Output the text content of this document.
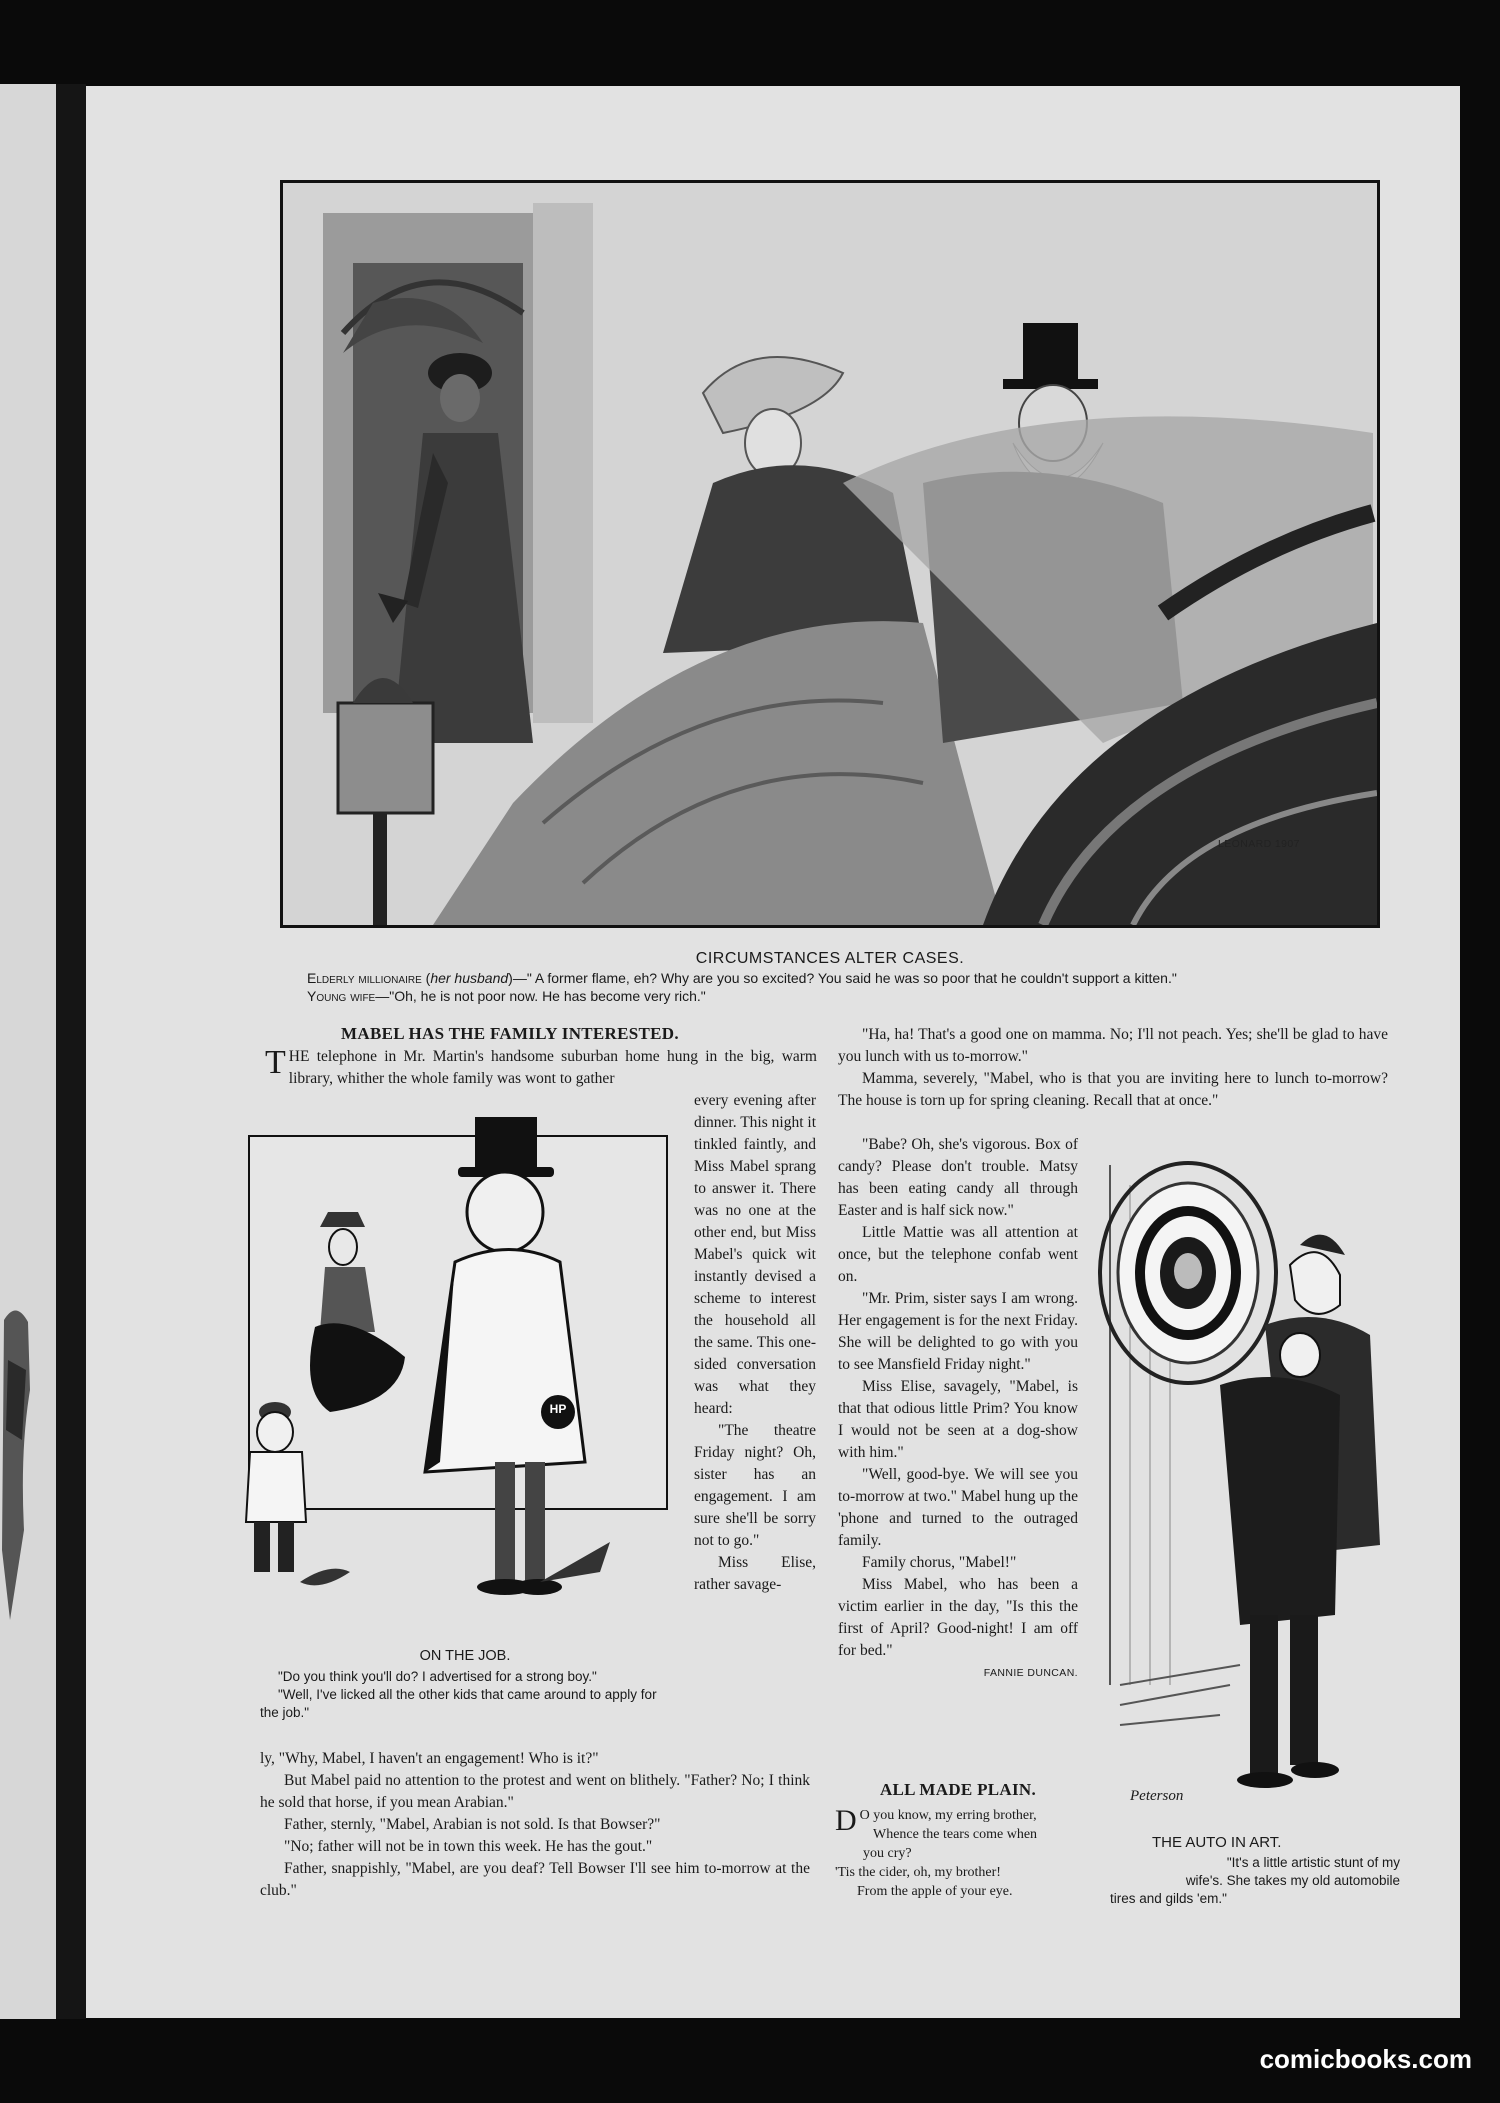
LEONARD 1907
CIRCUMSTANCES ALTER CASES.
Elderly millionaire (her husband)—" A former flame, eh? Why are you so excited? You said he was so poor that he couldn't support a kitten."
Young wife—"Oh, he is not poor now. He has become very rich."
MABEL HAS THE FAMILY INTERESTED.
THE telephone in Mr. Martin's handsome suburban home hung in the big, warm library, whither the whole family was wont to gather
HP

every evening after dinner. This night it tinkled faintly, and Miss Mabel sprang to answer it. There was no one at the other end, but Miss Mabel's quick wit instantly devised a scheme to interest the household all the same. This one-sided conversation was what they heard:

"The theatre Friday night? Oh, sister has an engagement. I am sure she'll be sorry not to go."

Miss Elise, rather savage-

ON THE JOB.
"Do you think you'll do? I advertised for a strong boy."
"Well, I've licked all the other kids that came around to apply for the job."

ly, "Why, Mabel, I haven't an engagement! Who is it?"

But Mabel paid no attention to the protest and went on blithely. "Father? No; I think he sold that horse, if you mean Arabian."

Father, sternly, "Mabel, Arabian is not sold. Is that Bowser?"

"No; father will not be in town this week. He has the gout."

Father, snappishly, "Mabel, are you deaf? Tell Bowser I'll see him to-morrow at the club."

"Ha, ha! That's a good one on mamma. No; I'll not peach. Yes; she'll be glad to have you lunch with us to-morrow."

Mamma, severely, "Mabel, who is that you are inviting here to lunch to-morrow? The house is torn up for spring cleaning. Recall that at once."

"Babe? Oh, she's vigorous. Box of candy? Please don't trouble. Matsy has been eating candy all through Easter and is half sick now."

Little Mattie was all attention at once, but the telephone confab went on.

"Mr. Prim, sister says I am wrong. Her engagement is for the next Friday. She will be delighted to go with you to see Mansfield Friday night."

Miss Elise, savagely, "Mabel, is that that odious little Prim? You know I would not be seen at a dog-show with him."

"Well, good-bye. We will see you to-morrow at two." Mabel hung up the 'phone and turned to the outraged family.

Family chorus, "Mabel!"

Miss Mabel, who has been a victim earlier in the day, "Is this the first of April? Good-night! I am off for bed."

FANNIE DUNCAN.

ALL MADE PLAIN.
D O you know, my erring brother,
Whence the tears come when
you cry?
'Tis the cider, oh, my brother!
From the apple of your eye.
Peterson
THE AUTO IN ART.
"It's a little artistic stunt of my
wife's. She takes my old automobile
tires and gilds 'em."
comicbooks.com
